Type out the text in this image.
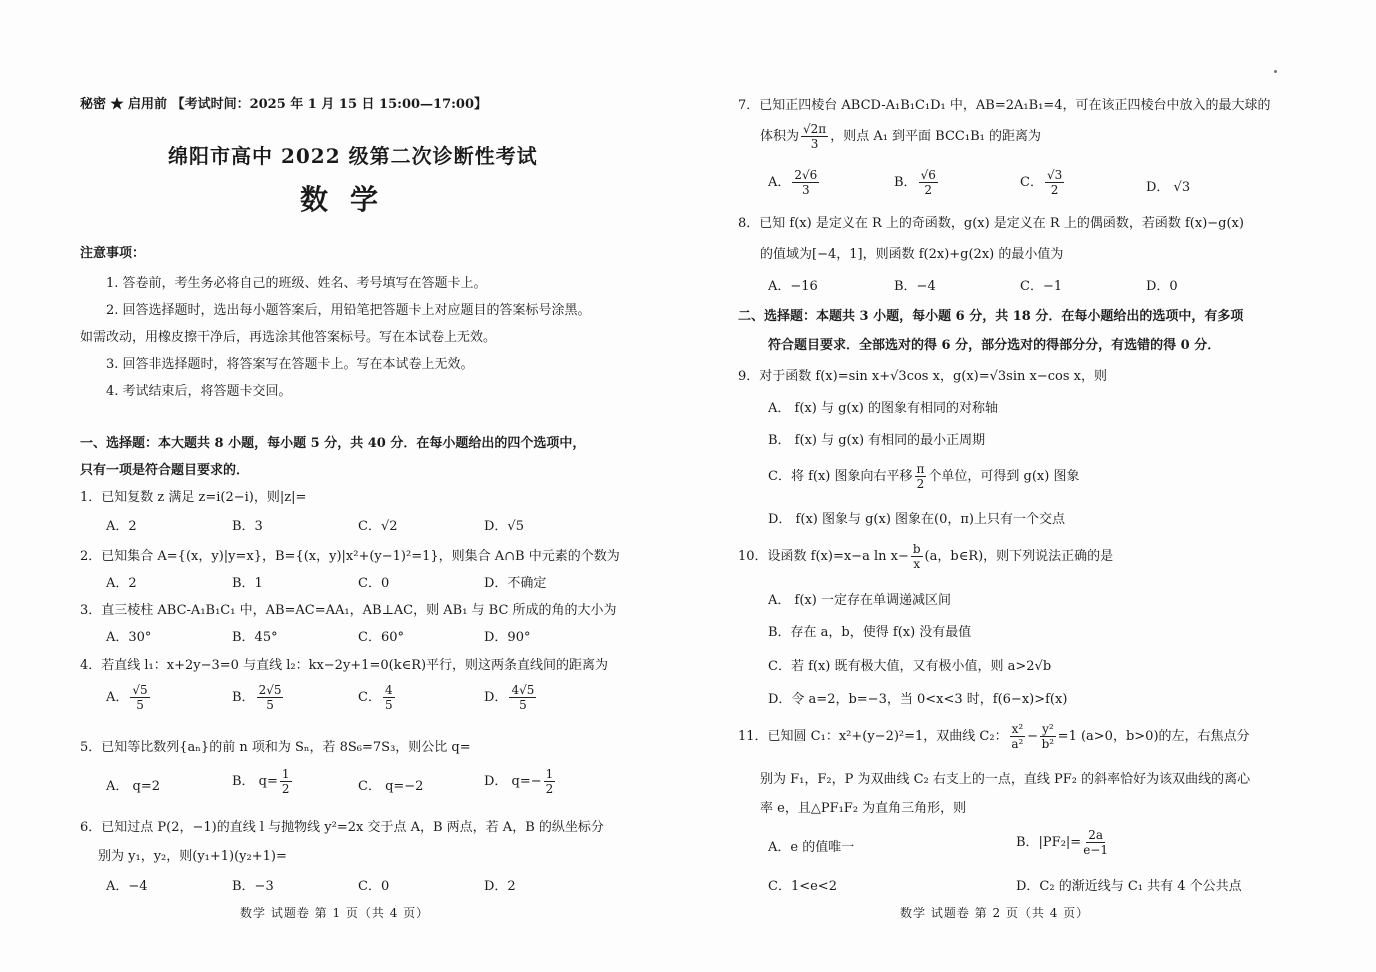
秘密 ★ 启用前 【考试时间：2025 年 1 月 15 日 15:00—17:00】
绵阳市高中 2022 级第二次诊断性考试
数学
注意事项：
1. 答卷前，考生务必将自己的班级、姓名、考号填写在答题卡上。
2. 回答选择题时，选出每小题答案后，用铅笔把答题卡上对应题目的答案标号涂黑。
如需改动，用橡皮擦干净后，再选涂其他答案标号。写在本试卷上无效。
3. 回答非选择题时，将答案写在答题卡上。写在本试卷上无效。
4. 考试结束后，将答题卡交回。
一、选择题：本大题共 8 小题，每小题 5 分，共 40 分．在每小题给出的四个选项中，
只有一项是符合题目要求的．
1．已知复数 z 满足 z=i(2−i)，则|z|=
A．2	B．3	C．√2	D．√5
2．已知集合 A={(x，y)|y=x}，B={(x，y)|x²+(y−1)²=1}，则集合 A∩B 中元素的个数为
A．2	B．1	C．0	D．不确定
3．直三棱柱 ABC-A₁B₁C₁ 中，AB=AC=AA₁，AB⊥AC，则 AB₁ 与 BC 所成的角的大小为
A．30°	B．45°	C．60°	D．90°
4．若直线 l₁：x+2y−3=0 与直线 l₂：kx−2y+1=0(k∈R)平行，则这两条直线间的距离为
A． $\frac{√5}{5}$	B． $\frac{2√5}{5}$	C． $\frac{4}{5}$	D． $\frac{4√5}{5}$
5．已知等比数列{aₙ}的前 n 项和为 Sₙ，若 8S₆=7S₃，则公比 q=
A． q=2	B． $q= \frac{1}{2}$	C． q=−2	D． $q=- \frac{1}{2}$
6．已知过点 P(2，−1)的直线 l 与抛物线 y²=2x 交于点 A，B 两点，若 A，B 的纵坐标分
别为 y₁，y₂，则(y₁+1)(y₂+1)=
A．−4	B．−3	C．0	D．2
数学 试题卷 第 1 页（共 4 页）
7．已知正四棱台 ABCD-A₁B₁C₁D₁ 中，AB=2A₁B₁=4，可在该正四棱台中放入的最大球的
体积为 $\frac{√2\pi}{3}$ ，则点 A₁ 到平面 BCC₁B₁ 的距离为
A． $\frac{2√6}{3}$	B． $\frac{√6}{2}$	C． $\frac{√3}{2}$	D． √3
8．已知 f(x) 是定义在 R 上的奇函数，g(x) 是定义在 R 上的偶函数，若函数 f(x)−g(x)
的值域为[−4，1]，则函数 f(2x)+g(2x) 的最小值为
A．−16	B．−4	C．−1	D．0
二、选择题：本题共 3 小题，每小题 6 分，共 18 分．在每小题给出的选项中，有多项
符合题目要求．全部选对的得 6 分，部分选对的得部分分，有选错的得 0 分．
9．对于函数 f(x)=sin x+√3cos x，g(x)=√3sin x−cos x，则
A． f(x) 与 g(x) 的图象有相同的对称轴
B． f(x) 与 g(x) 有相同的最小正周期
C．将 f(x) 图象向右平移 $\frac{\pi}{2}$ 个单位，可得到 g(x) 图象
D． f(x) 图象与 g(x) 图象在(0，π)上只有一个交点
10．设函数 f(x)=x−a $\ln x- \frac{b}{x} (a$，b∈R)，则下列说法正确的是
A． f(x) 一定存在单调递减区间
B．存在 a，b，使得 f(x) 没有最值
C．若 f(x) 既有极大值，又有极小值，则 a>2√b
D．令 a=2，b=−3，当 0<x<3 时，f(6−x)>f(x)
11．已知圆 C₁：x²+(y−2)²=1，双曲线 C₂： $\frac{\text{x²}}{\text{a²}} - \frac{\text{y²}}{\text{b²}} =1$ (a>0，b>0)的左，右焦点分
别为 F₁，F₂，P 为双曲线 C₂ 右支上的一点，直线 PF₂ 的斜率恰好为该双曲线的离心
率 e，且△PF₁F₂ 为直角三角形，则
A．e 的值唯一	B．$|PF_2|= \frac{2a}{e-1}$
C．1<e<2	D．C₂ 的渐近线与 C₁ 共有 4 个公共点
数学 试题卷 第 2 页（共 4 页）
